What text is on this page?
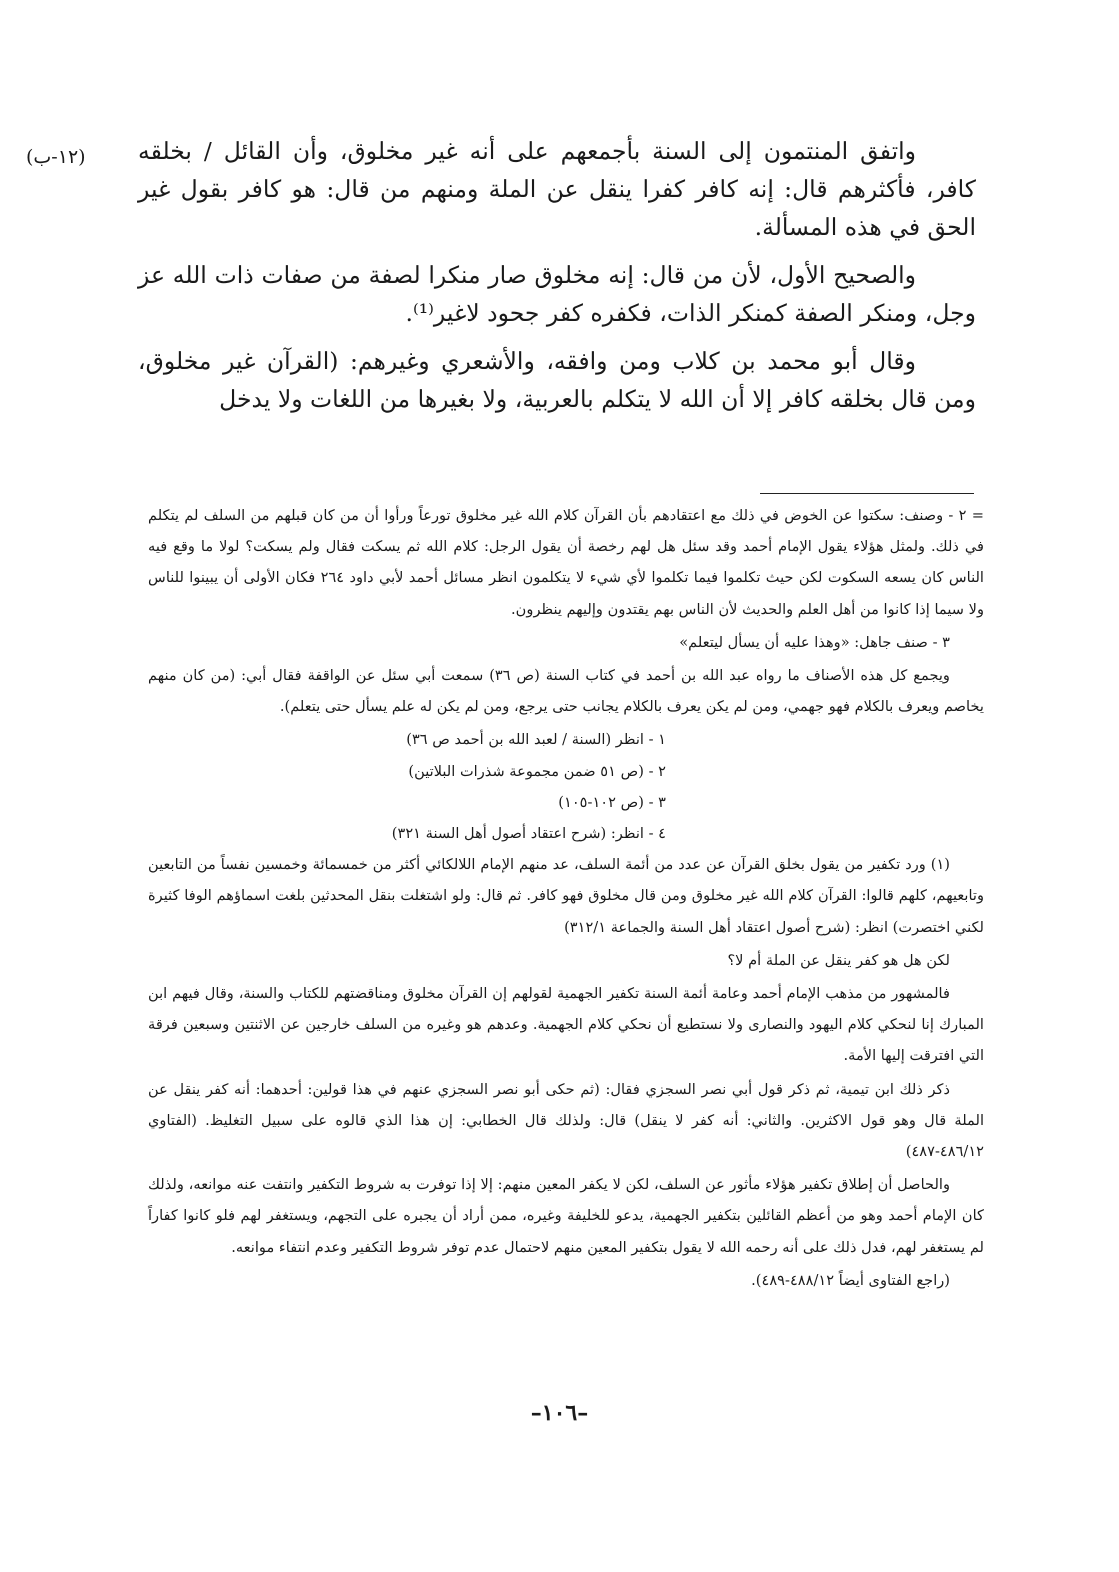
(١٢-ب) واتفق المنتمون إلى السنة بأجمعهم على أنه غير مخلوق، وأن القائل / بخلقه كافر، فأكثرهم قال: إنه كافر كفرا ينقل عن الملة ومنهم من قال: هو كافر بقول غير الحق في هذه المسألة.

والصحيح الأول، لأن من قال: إنه مخلوق صار منكرا لصفة من صفات ذات الله عز وجل، ومنكر الصفة كمنكر الذات، فكفره كفر جحود لاغير⁽¹⁾.

وقال أبو محمد بن كلاب ومن وافقه، والأشعري وغيرهم: (القرآن غير مخلوق، ومن قال بخلقه كافر إلا أن الله لا يتكلم بالعربية، ولا بغيرها من اللغات ولا يدخل

= ٢ - وصنف: سكتوا عن الخوض في ذلك مع اعتقادهم بأن القرآن كلام الله غير مخلوق تورعاً ورأوا أن من كان قبلهم من السلف لم يتكلم في ذلك. ولمثل هؤلاء يقول الإمام أحمد وقد سئل هل لهم رخصة أن يقول الرجل: كلام الله ثم يسكت فقال ولم يسكت؟ لولا ما وقع فيه الناس كان يسعه السكوت لكن حيث تكلموا فيما تكلموا لأي شيء لا يتكلمون انظر مسائل أحمد لأبي داود ٢٦٤ فكان الأولى أن يبينوا للناس ولا سيما إذا كانوا من أهل العلم والحديث لأن الناس بهم يقتدون وإليهم ينظرون.

٣ - صنف جاهل: «وهذا عليه أن يسأل ليتعلم»

ويجمع كل هذه الأصناف ما رواه عبد الله بن أحمد في كتاب السنة (ص ٣٦) سمعت أبي سئل عن الواقفة فقال أبي: (من كان منهم يخاصم ويعرف بالكلام فهو جهمي، ومن لم يكن يعرف بالكلام يجانب حتى يرجع، ومن لم يكن له علم يسأل حتى يتعلم).

١ - انظر (السنة / لعبد الله بن أحمد ص ٣٦)

٢ - (ص ٥١ ضمن مجموعة شذرات البلاتين)

٣ - (ص ١٠٢-١٠٥)

٤ - انظر: (شرح اعتقاد أصول أهل السنة ٣٢١)

(١) ورد تكفير من يقول بخلق القرآن عن عدد من أئمة السلف، عد منهم الإمام اللالكائي أكثر من خمسمائة وخمسين نفساً من التابعين وتابعيهم، كلهم قالوا: القرآن كلام الله غير مخلوق ومن قال مخلوق فهو كافر. ثم قال: ولو اشتغلت بنقل المحدثين بلغت اسماؤهم الوفا كثيرة لكني اختصرت) انظر: (شرح أصول اعتقاد أهل السنة والجماعة ٣١٢/١)

لكن هل هو كفر ينقل عن الملة أم لا؟

فالمشهور من مذهب الإمام أحمد وعامة أئمة السنة تكفير الجهمية لقولهم إن القرآن مخلوق ومناقضتهم للكتاب والسنة، وقال فيهم ابن المبارك إنا لنحكي كلام اليهود والنصارى ولا نستطيع أن نحكي كلام الجهمية. وعدهم هو وغيره من السلف خارجين عن الاثنتين وسبعين فرقة التي افترقت إليها الأمة.

ذكر ذلك ابن تيمية، ثم ذكر قول أبي نصر السجزي فقال: (ثم حكى أبو نصر السجزي عنهم في هذا قولين: أحدهما: أنه كفر ينقل عن الملة قال وهو قول الاكثرين. والثاني: أنه كفر لا ينقل) قال: ولذلك قال الخطابي: إن هذا الذي قالوه على سبيل التغليظ. (الفتاوي ٤٨٦/١٢-٤٨٧)

والحاصل أن إطلاق تكفير هؤلاء مأثور عن السلف، لكن لا يكفر المعين منهم: إلا إذا توفرت به شروط التكفير وانتفت عنه موانعه، ولذلك كان الإمام أحمد وهو من أعظم القائلين بتكفير الجهمية، يدعو للخليفة وغيره، ممن أراد أن يجبره على التجهم، ويستغفر لهم فلو كانوا كفاراً لم يستغفر لهم، فدل ذلك على أنه رحمه الله لا يقول بتكفير المعين منهم لاحتمال عدم توفر شروط التكفير وعدم انتفاء موانعه.

(راجع الفتاوى أيضاً ٤٨٨/١٢-٤٨٩).

–١٠٦–
